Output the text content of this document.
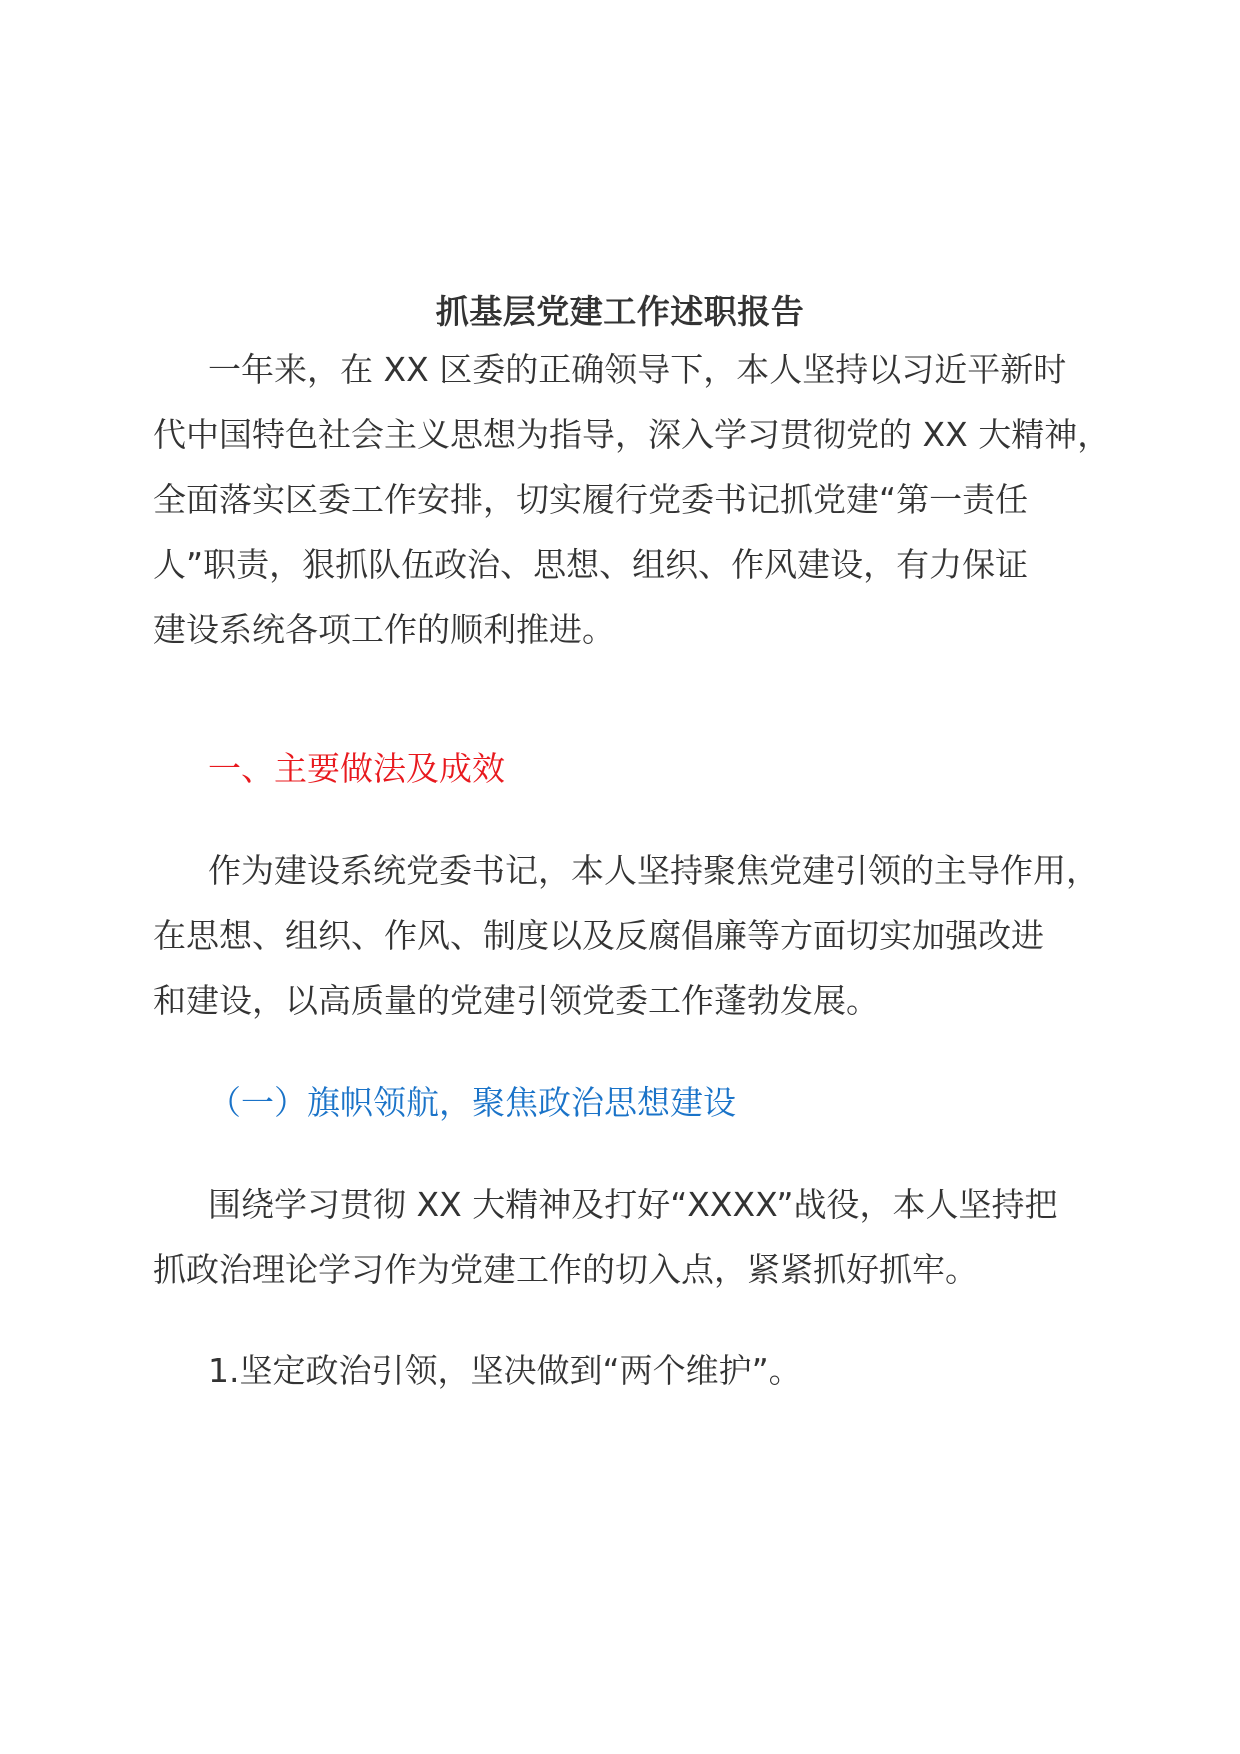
抓基层党建工作述职报告
一年来，在 XX 区委的正确领导下，本人坚持以习近平新时
代中国特色社会主义思想为指导，深入学习贯彻党的 XX 大精神，
全面落实区委工作安排，切实履行党委书记抓党建“第一责任
人”职责，狠抓队伍政治、思想、组织、作风建设，有力保证
建设系统各项工作的顺利推进。
一、主要做法及成效
作为建设系统党委书记，本人坚持聚焦党建引领的主导作用，
在思想、组织、作风、制度以及反腐倡廉等方面切实加强改进
和建设，以高质量的党建引领党委工作蓬勃发展。
（一）旗帜领航，聚焦政治思想建设
围绕学习贯彻 XX 大精神及打好“XXXX”战役，本人坚持把
抓政治理论学习作为党建工作的切入点，紧紧抓好抓牢。
1.坚定政治引领，坚决做到“两个维护”。
